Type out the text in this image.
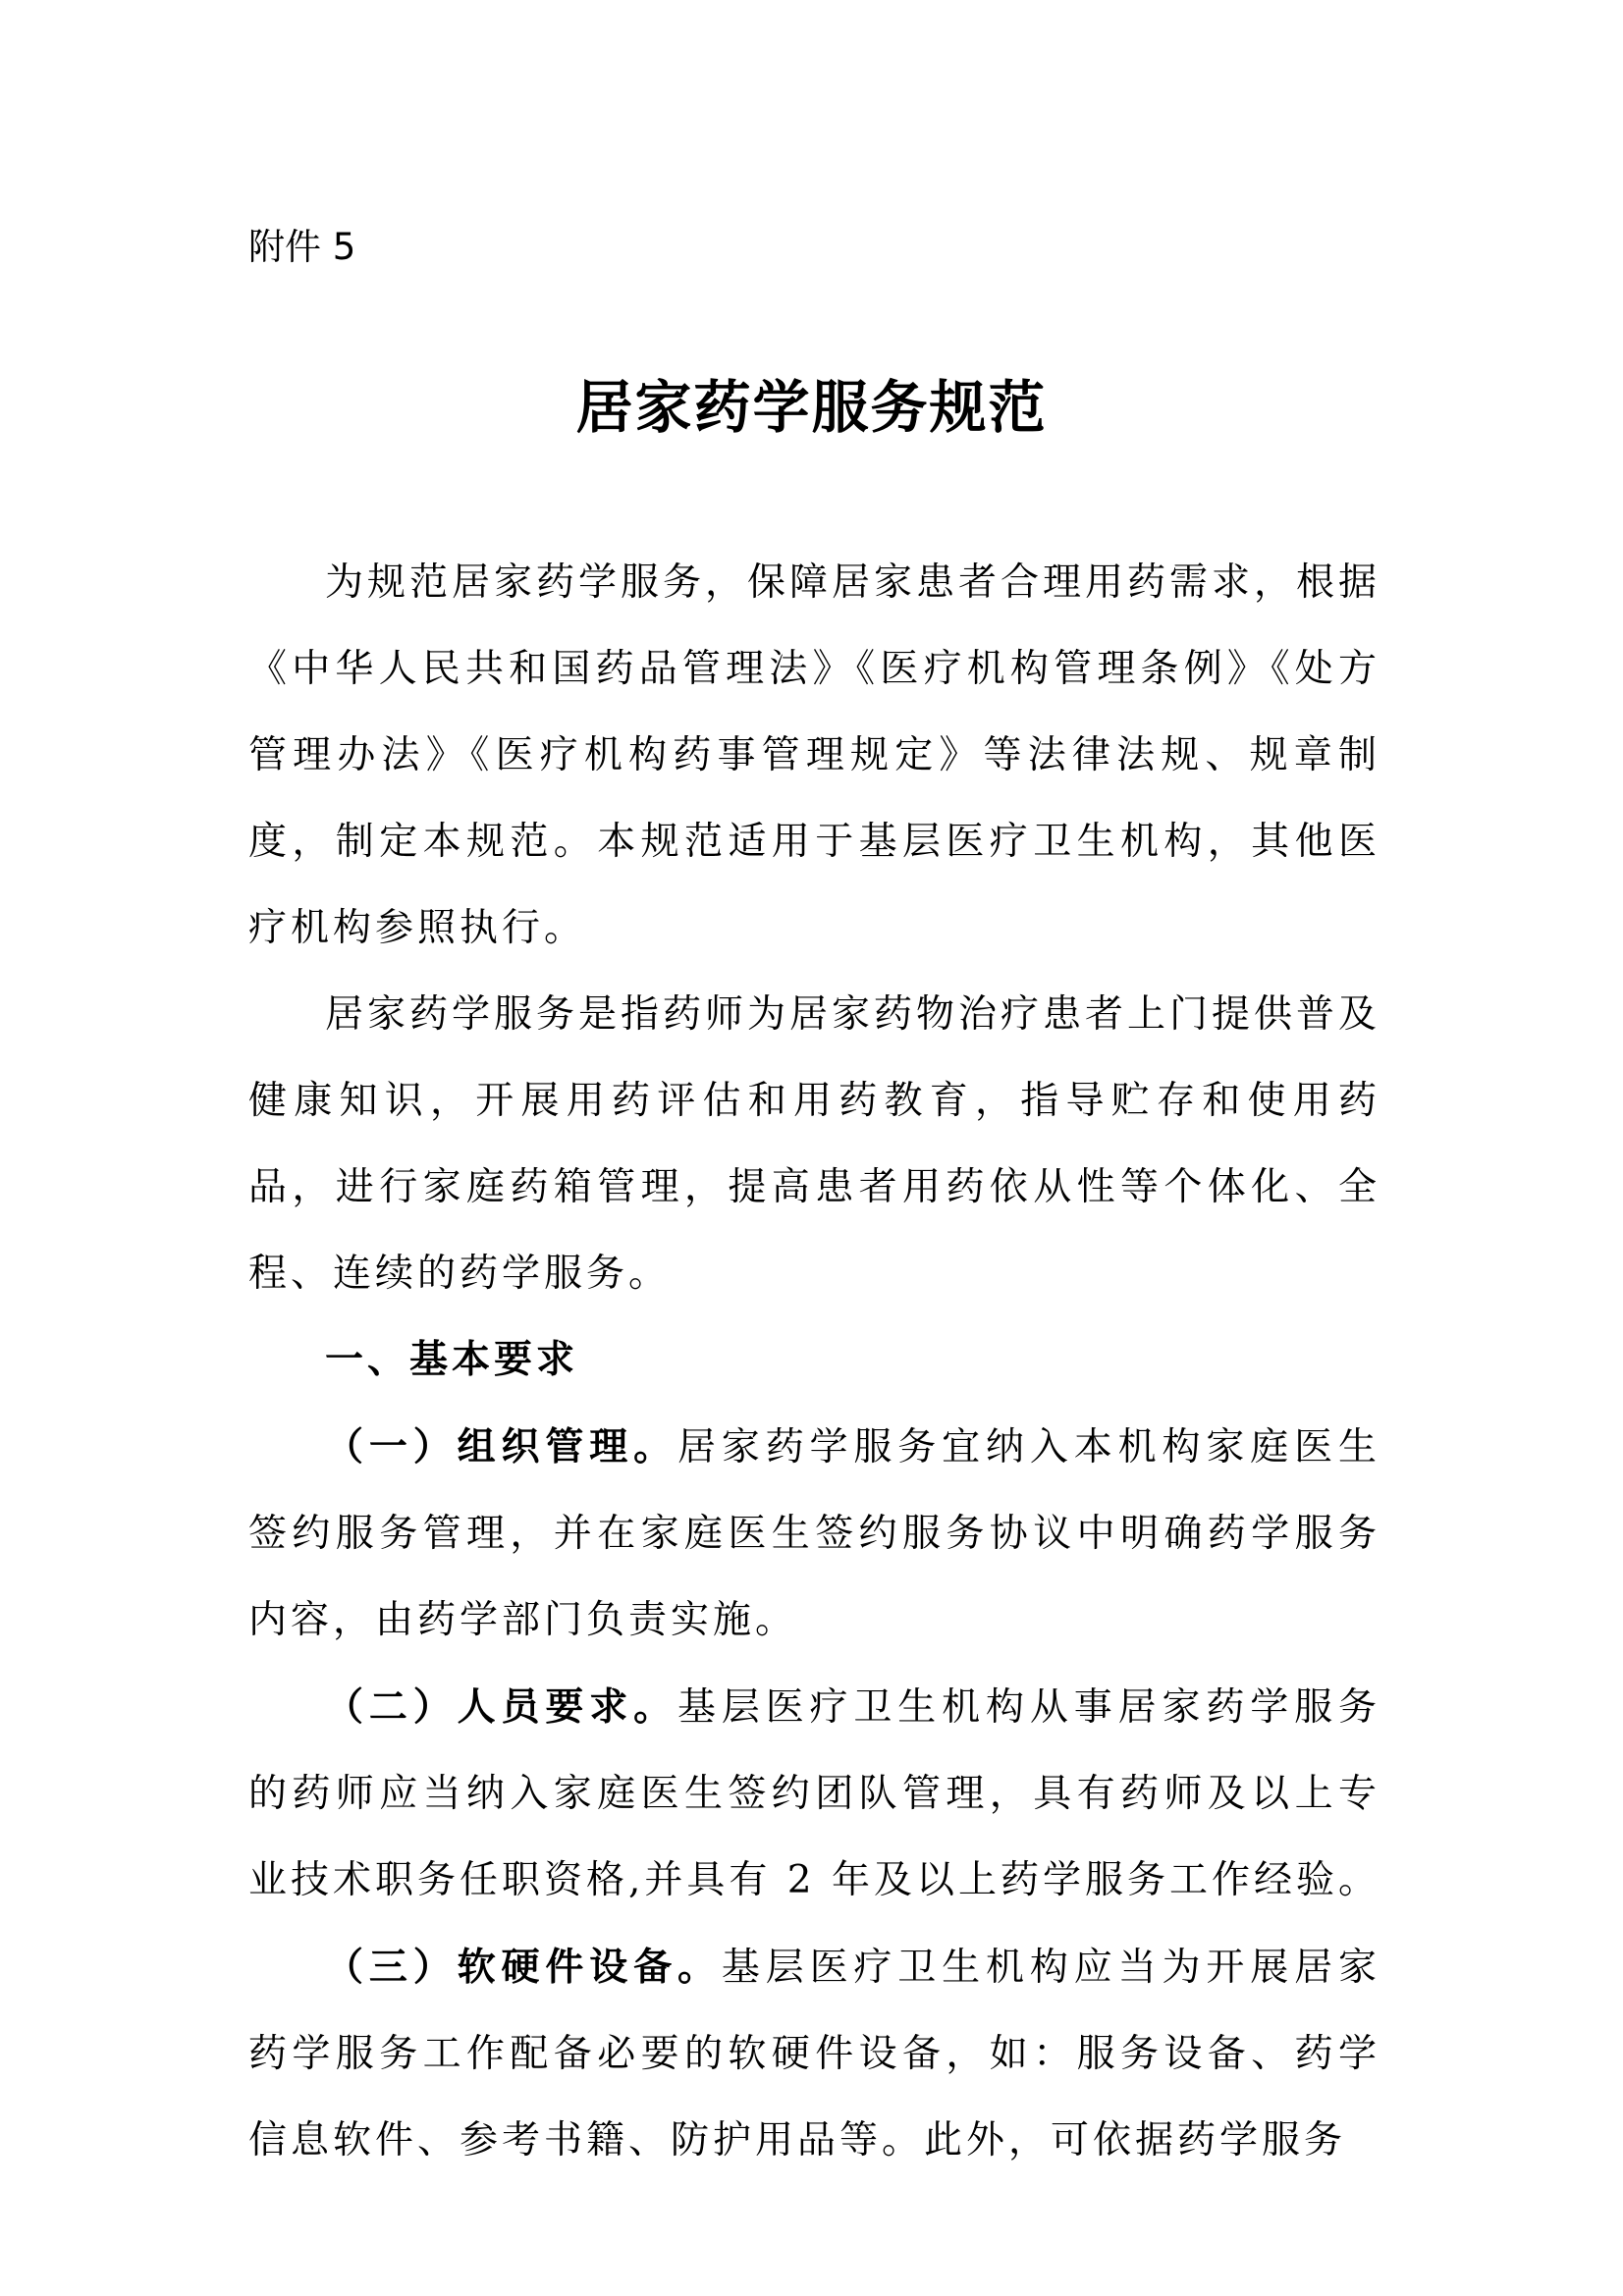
附件 5
居家药学服务规范

为规范居家药学服务，保障居家患者合理用药需求，根据《中华人民共和国药品管理法》《医疗机构管理条例》《处方管理办法》《医疗机构药事管理规定》等法律法规、规章制度，制定本规范。本规范适用于基层医疗卫生机构，其他医疗机构参照执行。

居家药学服务是指药师为居家药物治疗患者上门提供普及健康知识，开展用药评估和用药教育，指导贮存和使用药品，进行家庭药箱管理，提高患者用药依从性等个体化、全程、连续的药学服务。

一、基本要求

（一）组织管理。居家药学服务宜纳入本机构家庭医生签约服务管理，并在家庭医生签约服务协议中明确药学服务内容，由药学部门负责实施。

（二）人员要求。基层医疗卫生机构从事居家药学服务的药师应当纳入家庭医生签约团队管理，具有药师及以上专业技术职务任职资格,并具有 2 年及以上药学服务工作经验。

（三）软硬件设备。基层医疗卫生机构应当为开展居家药学服务工作配备必要的软硬件设备，如：服务设备、药学信息软件、参考书籍、防护用品等。此外，可依据药学服务
